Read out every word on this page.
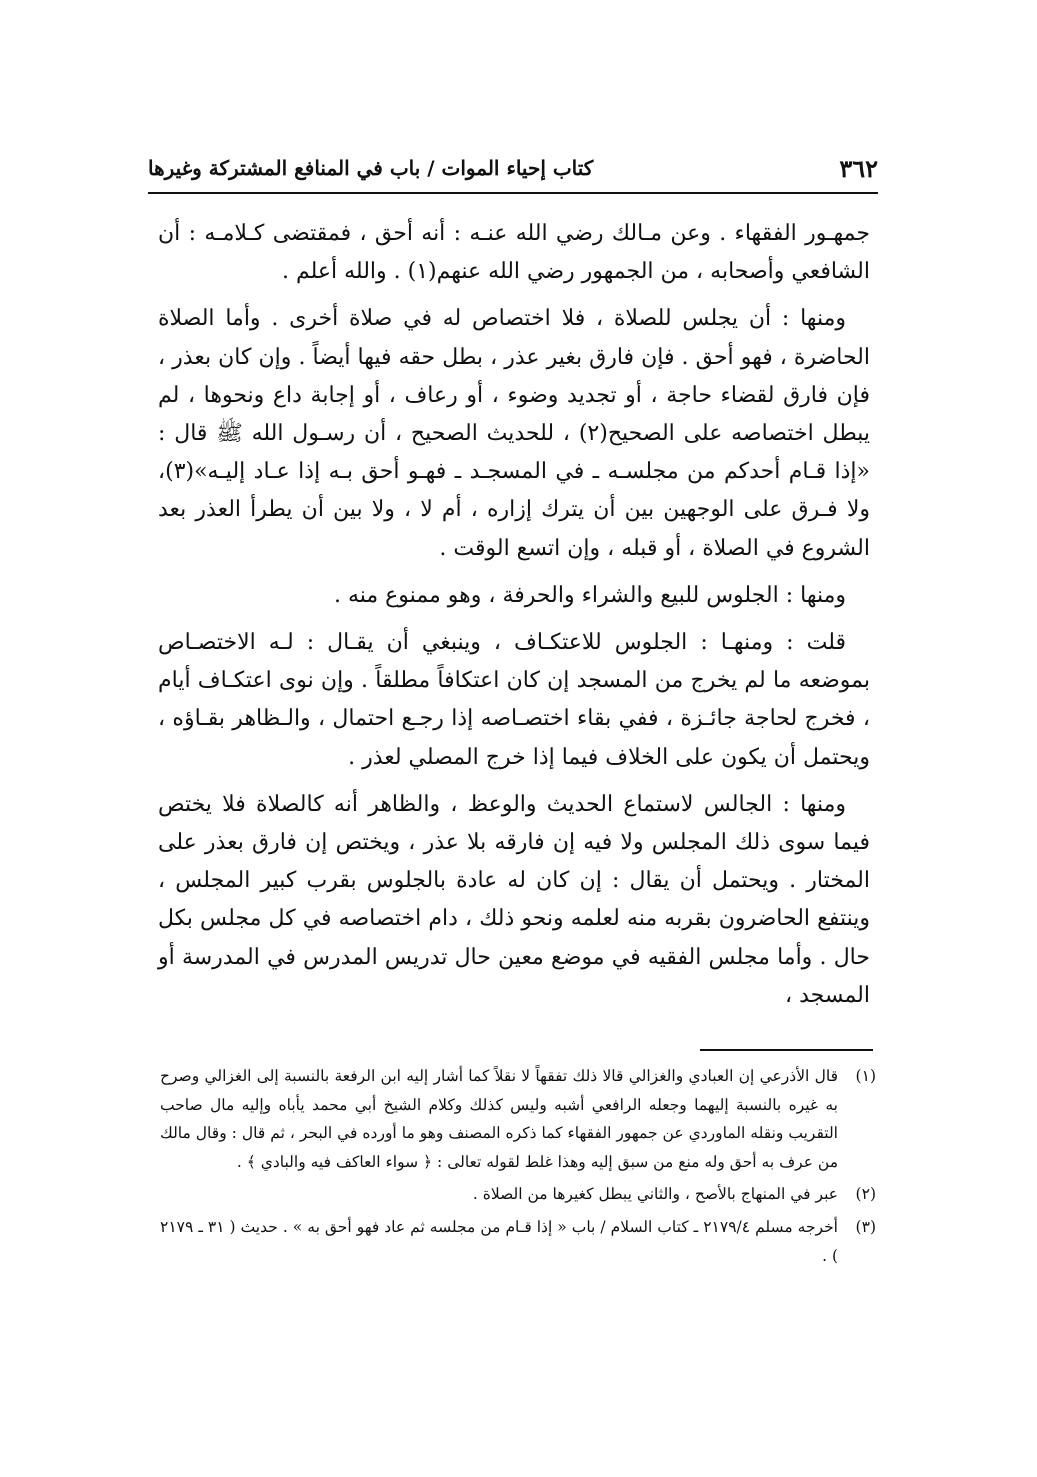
٣٦٢
كتاب إحياء الموات / باب في المنافع المشتركة وغيرها

جمهـور الفقهاء . وعن مـالك رضي الله عنـه : أنه أحق ، فمقتضى كـلامـه : أن الشافعي وأصحابه ، من الجمهور رضي الله عنهم(١) . والله أعلم .

ومنها : أن يجلس للصلاة ، فلا اختصاص له في صلاة أخرى . وأما الصلاة الحاضرة ، فهو أحق . فإن فارق بغير عذر ، بطل حقه فيها أيضاً . وإن كان بعذر ، فإن فارق لقضاء حاجة ، أو تجديد وضوء ، أو رعاف ، أو إجابة داع ونحوها ، لم يبطل اختصاصه على الصحيح(٢) ، للحديث الصحيح ، أن رسـول الله ﷺ قال : «إذا قـام أحدكم من مجلسـه ـ في المسجـد ـ فهـو أحق بـه إذا عـاد إليـه»(٣)، ولا فـرق على الوجهين بين أن يترك إزاره ، أم لا ، ولا بين أن يطرأ العذر بعد الشروع في الصلاة ، أو قبله ، وإن اتسع الوقت .

ومنها : الجلوس للبيع والشراء والحرفة ، وهو ممنوع منه .

قلت : ومنهـا : الجلوس للاعتكـاف ، وينبغي أن يقـال : لـه الاختصـاص بموضعه ما لم يخرج من المسجد إن كان اعتكافاً مطلقاً . وإن نوى اعتكـاف أيام ، فخرج لحاجة جائـزة ، ففي بقاء اختصـاصه إذا رجـع احتمال ، والـظاهر بقـاؤه ، ويحتمل أن يكون على الخلاف فيما إذا خرج المصلي لعذر .

ومنها : الجالس لاستماع الحديث والوعظ ، والظاهر أنه كالصلاة فلا يختص فيما سوى ذلك المجلس ولا فيه إن فارقه بلا عذر ، ويختص إن فارق بعذر على المختار . ويحتمل أن يقال : إن كان له عادة بالجلوس بقرب كبير المجلس ، وينتفع الحاضرون بقربه منه لعلمه ونحو ذلك ، دام اختصاصه في كل مجلس بكل حال . وأما مجلس الفقيه في موضع معين حال تدريس المدرس في المدرسة أو المسجد ،

(١)
قال الأذرعي إن العبادي والغزالي قالا ذلك تفقهاً لا نقلاً كما أشار إليه ابن الرفعة بالنسبة إلى الغزالي وصرح به غيره بالنسبة إليهما وجعله الرافعي أشبه وليس كذلك وكلام الشيخ أبي محمد يأباه وإليه مال صاحب التقريب ونقله الماوردي عن جمهور الفقهاء كما ذكره المصنف وهو ما أورده في البحر ، ثم قال : وقال مالك من عرف به أحق وله منع من سبق إليه وهذا غلط لقوله تعالى : ﴿ سواء العاكف فيه والبادي ﴾ .
(٢)
عبر في المنهاج بالأصح ، والثاني يبطل كغيرها من الصلاة .
(٣)
أخرجه مسلم ٢١٧٩/٤ ـ كتاب السلام / باب « إذا قـام من مجلسه ثم عاد فهو أحق به » . حديث ( ٣١ ـ ٢١٧٩ ) .
